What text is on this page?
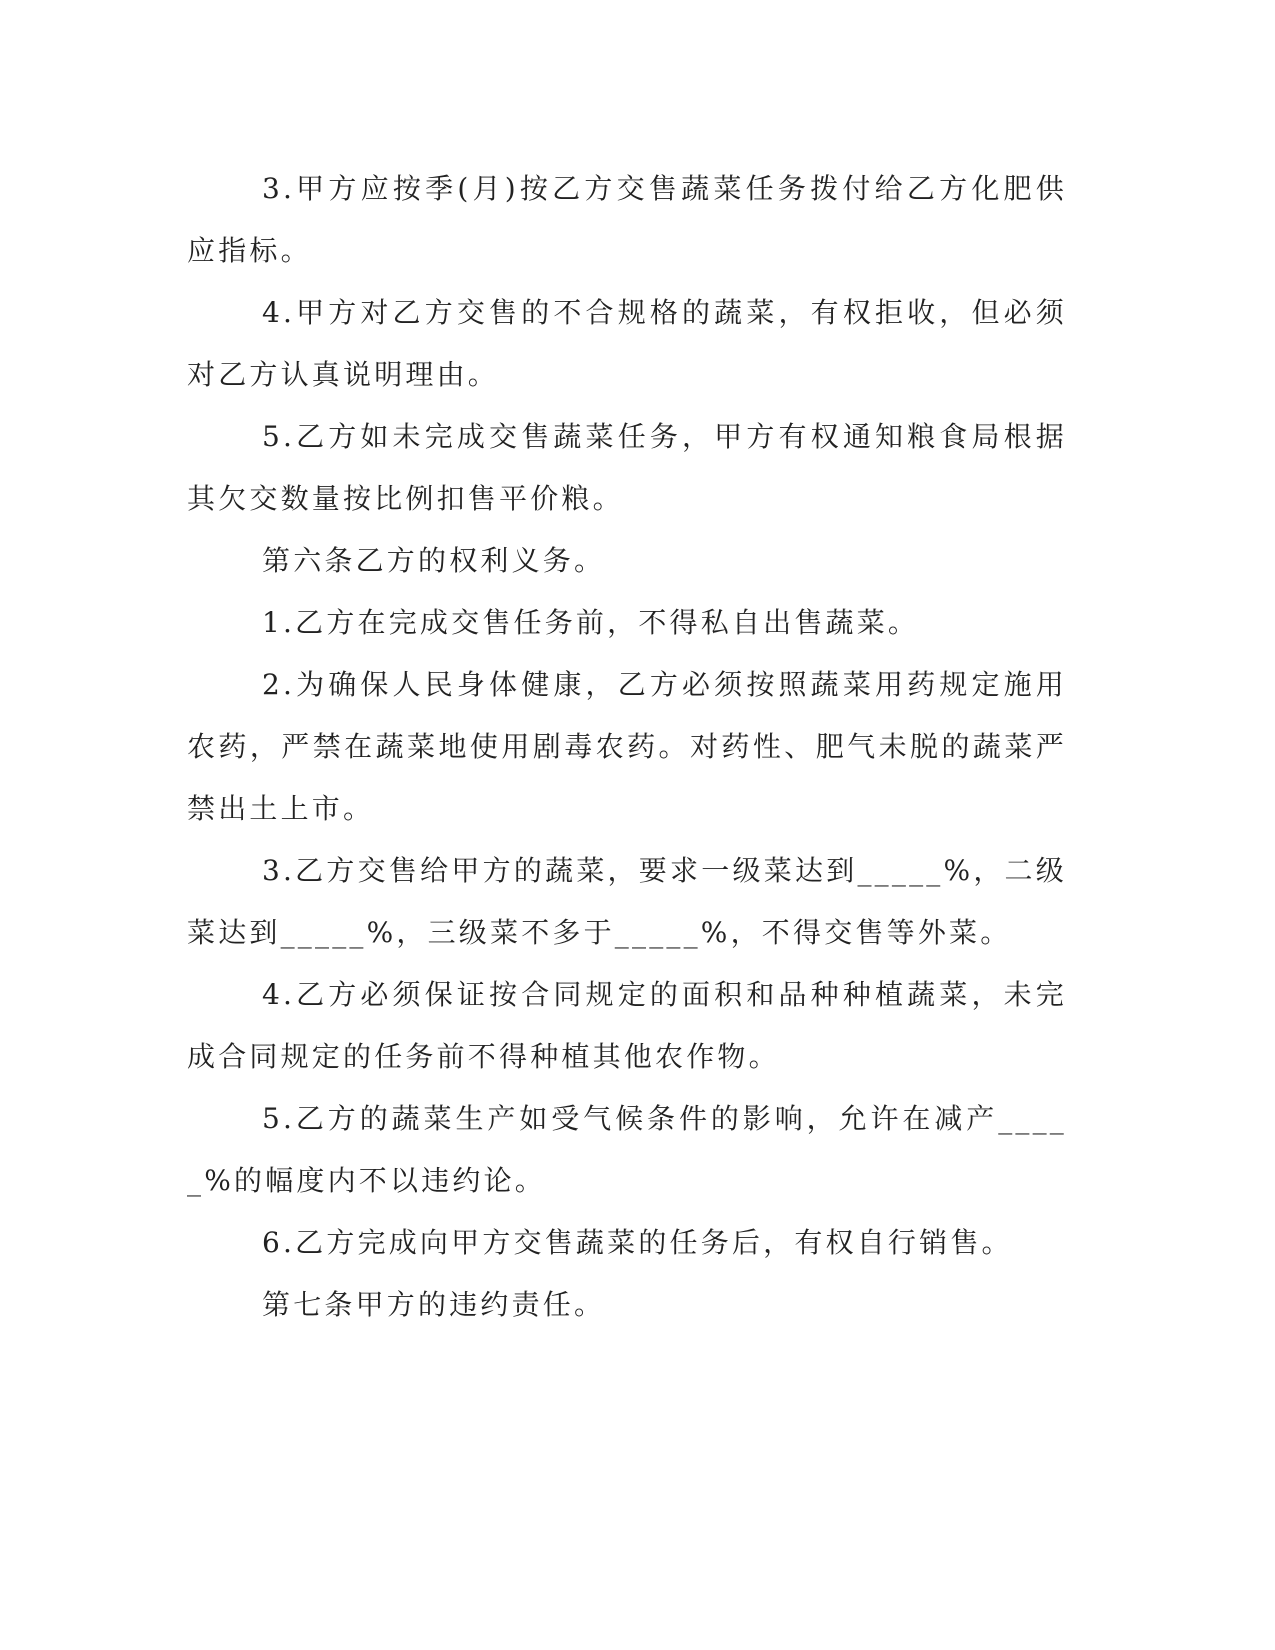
3.甲方应按季(月)按乙方交售蔬菜任务拨付给乙方化肥供应指标。

4.甲方对乙方交售的不合规格的蔬菜，有权拒收，但必须对乙方认真说明理由。

5.乙方如未完成交售蔬菜任务，甲方有权通知粮食局根据其欠交数量按比例扣售平价粮。

第六条乙方的权利义务。

1.乙方在完成交售任务前，不得私自出售蔬菜。

2.为确保人民身体健康，乙方必须按照蔬菜用药规定施用农药，严禁在蔬菜地使用剧毒农药。对药性、肥气未脱的蔬菜严禁出土上市。

3.乙方交售给甲方的蔬菜，要求一级菜达到_____%，二级菜达到_____%，三级菜不多于_____%，不得交售等外菜。

4.乙方必须保证按合同规定的面积和品种种植蔬菜，未完成合同规定的任务前不得种植其他农作物。

5.乙方的蔬菜生产如受气候条件的影响，允许在减产_____%的幅度内不以违约论。

6.乙方完成向甲方交售蔬菜的任务后，有权自行销售。

第七条甲方的违约责任。
